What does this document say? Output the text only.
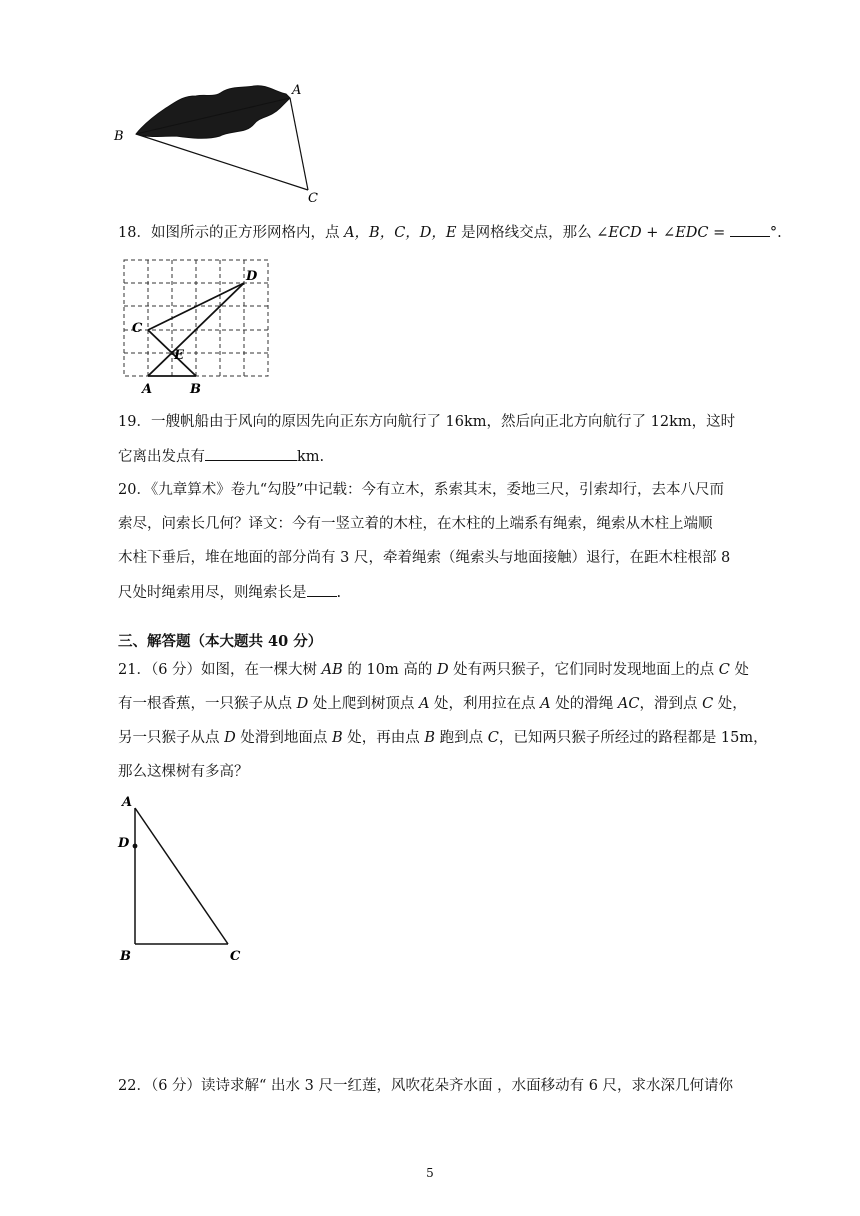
A
B
C
18．如图所示的正方形网格内，点 A，B，C，D，E 是网格线交点，那么 ∠ECD + ∠EDC =	°.
A	B
C
D
E
19．一艘帆船由于风向的原因先向正东方向航行了 16km，然后向正北方向航行了 12km，这时
它离出发点有	km.
20．《九章算术》卷九“勾股”中记载：今有立木，系索其末，委地三尺，引索却行，去本八尺而
索尽，问索长几何？译文：今有一竖立着的木柱，在木柱的上端系有绳索，绳索从木柱上端顺
木柱下垂后，堆在地面的部分尚有 3 尺，牵着绳索（绳索头与地面接触）退行，在距木柱根部 8
尺处时绳索用尽，则绳索长是 .
三、解答题（本大题共 40 分）
21．（6 分）如图，在一棵大树 AB 的 10m 高的 D 处有两只猴子，它们同时发现地面上的点 C 处
有一根香蕉，一只猴子从点 D 处上爬到树顶点 A 处，利用拉在点 A 处的滑绳 AC，滑到点 C 处，
另一只猴子从点 D 处滑到地面点 B 处，再由点 B 跑到点 C，已知两只猴子所经过的路程都是 15m，
那么这棵树有多高？
A
D
B	C
22．（6 分）读诗求解“ 出水 3 尺一红莲，风吹花朵齐水面 ，水面移动有 6 尺，求水深几何请你
5
